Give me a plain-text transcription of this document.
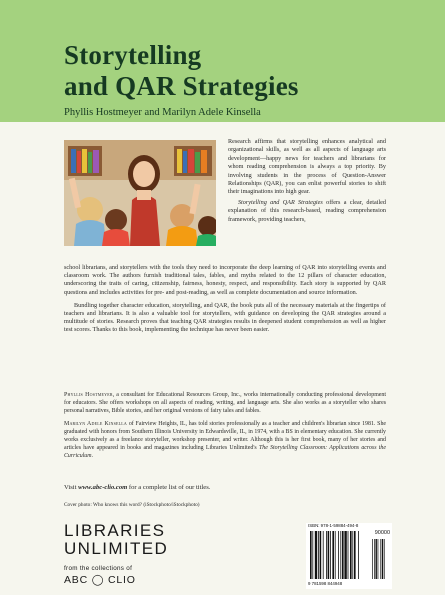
Storytelling
and QAR Strategies
Phyllis Hostmeyer and Marilyn Adele Kinsella

Research affirms that storytelling enhances analytical and organizational skills, as well as all aspects of language arts development—happy news for teachers and librarians for whom reading comprehension is always a top priority. By involving students in the process of Question-Answer Relationships (QAR), you can enlist powerful stories to shift their imaginations into high gear.

Storytelling and QAR Strategies offers a clear, detailed explanation of this research-based, reading comprehension framework, providing teachers,

school librarians, and storytellers with the tools they need to incorporate the deep learning of QAR into storytelling events and classroom work. The authors furnish traditional tales, fables, and myths related to the 12 pillars of character education, underscoring the traits of caring, citizenship, fairness, honesty, respect, and responsibility. Each story is supported by QAR questions and includes activities for pre- and post-reading, as well as complete documentation and source information.

Bundling together character education, storytelling, and QAR, the book puts all of the necessary materials at the fingertips of teachers and librarians. It is also a valuable tool for storytellers, with guidance on developing the QAR strategies around a multitude of stories. Research proves that teaching QAR strategies results in deepened student comprehension as well as higher test scores. Thanks to this book, implementing the technique has never been easier.

Phyllis Hostmeyer, a consultant for Educational Resources Group, Inc., works internationally conducting professional development for educators. She offers workshops on all aspects of reading, writing, and language arts. She also works as a storyteller who shares personal narratives, Bible stories, and her original versions of fairy tales and fables.

Marilyn Adele Kinsella of Fairview Heights, IL, has told stories professionally as a teacher and children's librarian since 1981. She graduated with honors from Southern Illinois University in Edwardsville, IL, in 1974, with a BS in elementary education. She currently works exclusively as a freelance storyteller, workshop presenter, and writer. Although this is her first book, many of her stories and articles have appeared in books and magazines including Libraries Unlimited's The Storytelling Classroom: Applications across the Curriculum.

Visit www.abc-clio.com for a complete list of our titles.
Cover photo: Who knows this word? (iStockphoto/iStockphoto)
LIBRARIES
UNLIMITED
from the collections of
ABC ◯ CLIO
ISBN: 978-1-59884-494-8
90000
9 781598 844948
